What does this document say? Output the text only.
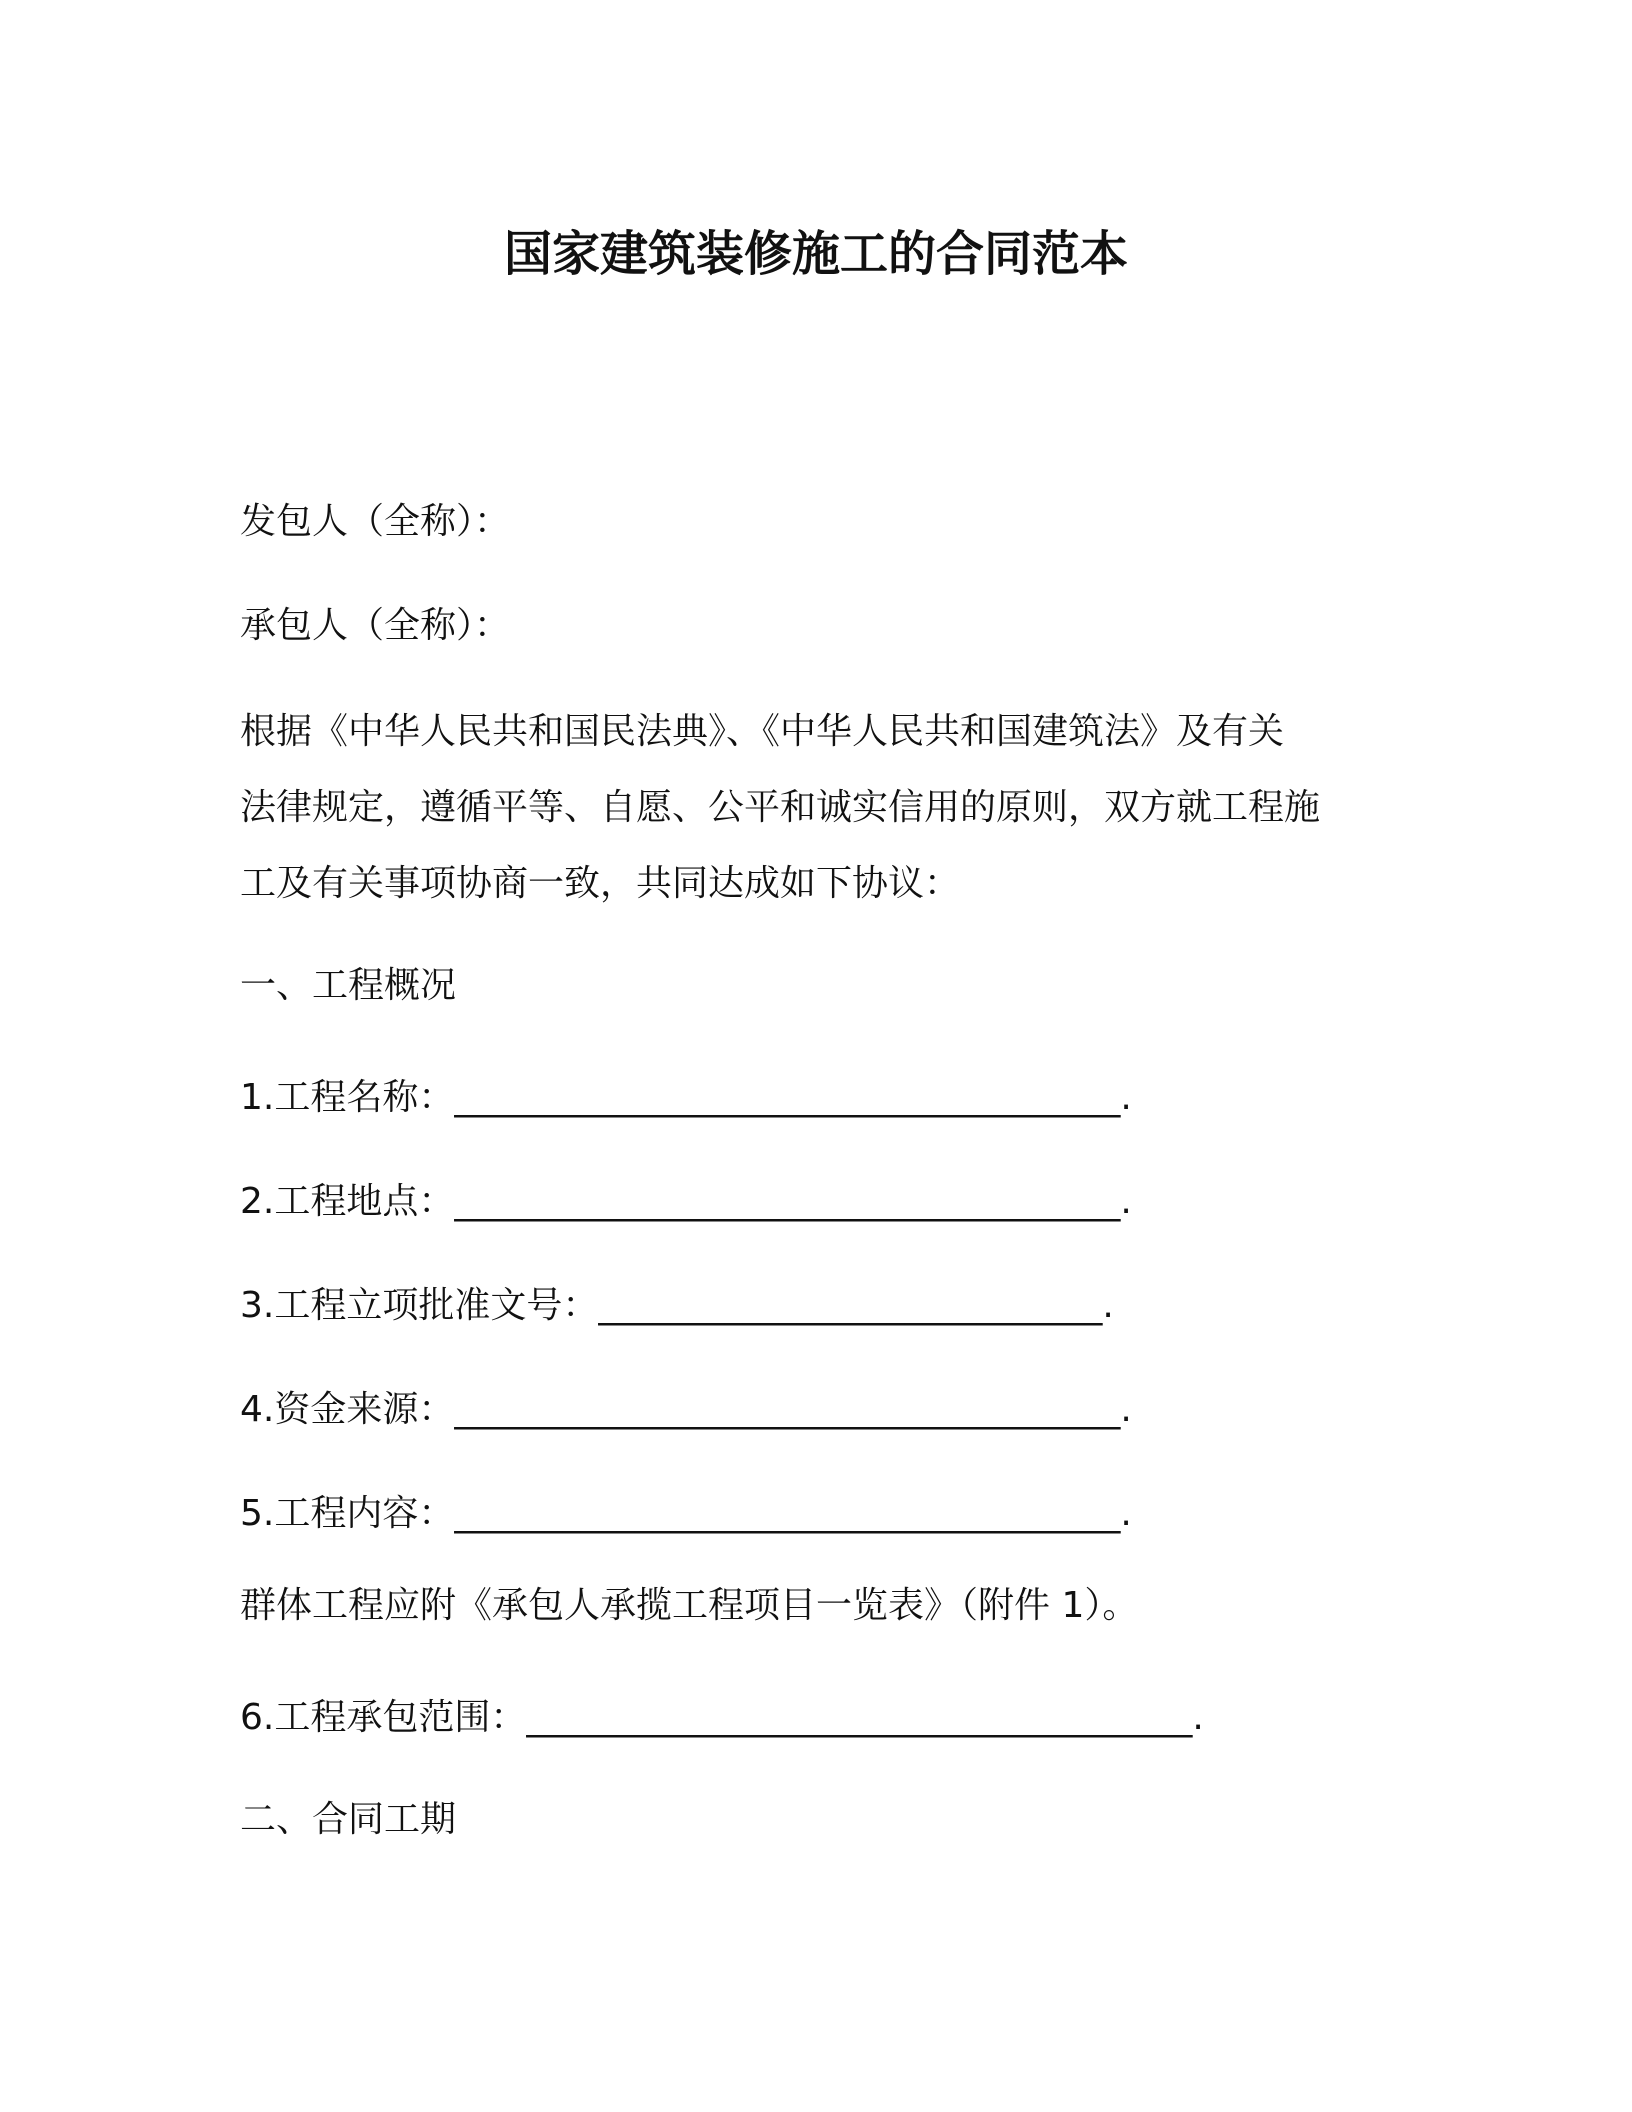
国家建筑装修施工的合同范本
发包人（全称）：
承包人（全称）：
根据《中华人民共和国民法典》、《中华人民共和国建筑法》及有关
法律规定，遵循平等、自愿、公平和诚实信用的原则，双方就工程施
工及有关事项协商一致，共同达成如下协议：
一、工程概况
1.工程名称：_____________________________________.
2.工程地点：_____________________________________.
3.工程立项批准文号：____________________________.
4.资金来源：_____________________________________.
5.工程内容：_____________________________________.
群体工程应附《承包人承揽工程项目一览表》（附件 1）。
6.工程承包范围：_____________________________________.
二、合同工期
